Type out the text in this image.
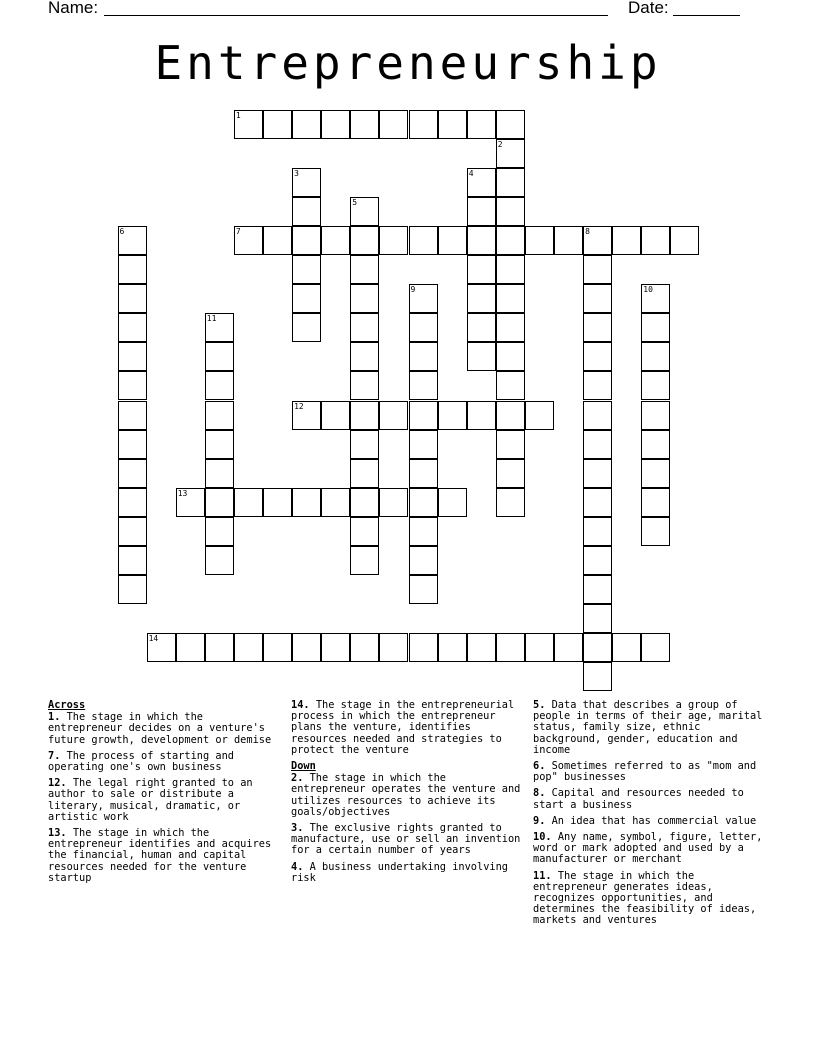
Name:	Date:
Entrepreneurship
1
2
3	4
5
6	7	8
9	10
11
12
13
14
Across
1. The stage in which the entrepreneur decides on a venture's future growth, development or demise
7. The process of starting and operating one's own business
12. The legal right granted to an author to sale or distribute a literary, musical, dramatic, or artistic work
13. The stage in which the entrepreneur identifies and acquires the financial, human and capital resources needed for the venture startup
14. The stage in the entrepreneurial process in which the entrepreneur plans the venture, identifies resources needed and strategies to protect the venture
Down
2. The stage in which the entrepreneur operates the venture and utilizes resources to achieve its goals/objectives
3. The exclusive rights granted to manufacture, use or sell an invention for a certain number of years
4. A business undertaking involving risk
5. Data that describes a group of people in terms of their age, marital status, family size, ethnic background, gender, education and income
6. Sometimes referred to as "mom and pop" businesses
8. Capital and resources needed to start a business
9. An idea that has commercial value
10. Any name, symbol, figure, letter, word or mark adopted and used by a manufacturer or merchant
11. The stage in which the entrepreneur generates ideas, recognizes opportunities, and determines the feasibility of ideas, markets and ventures
